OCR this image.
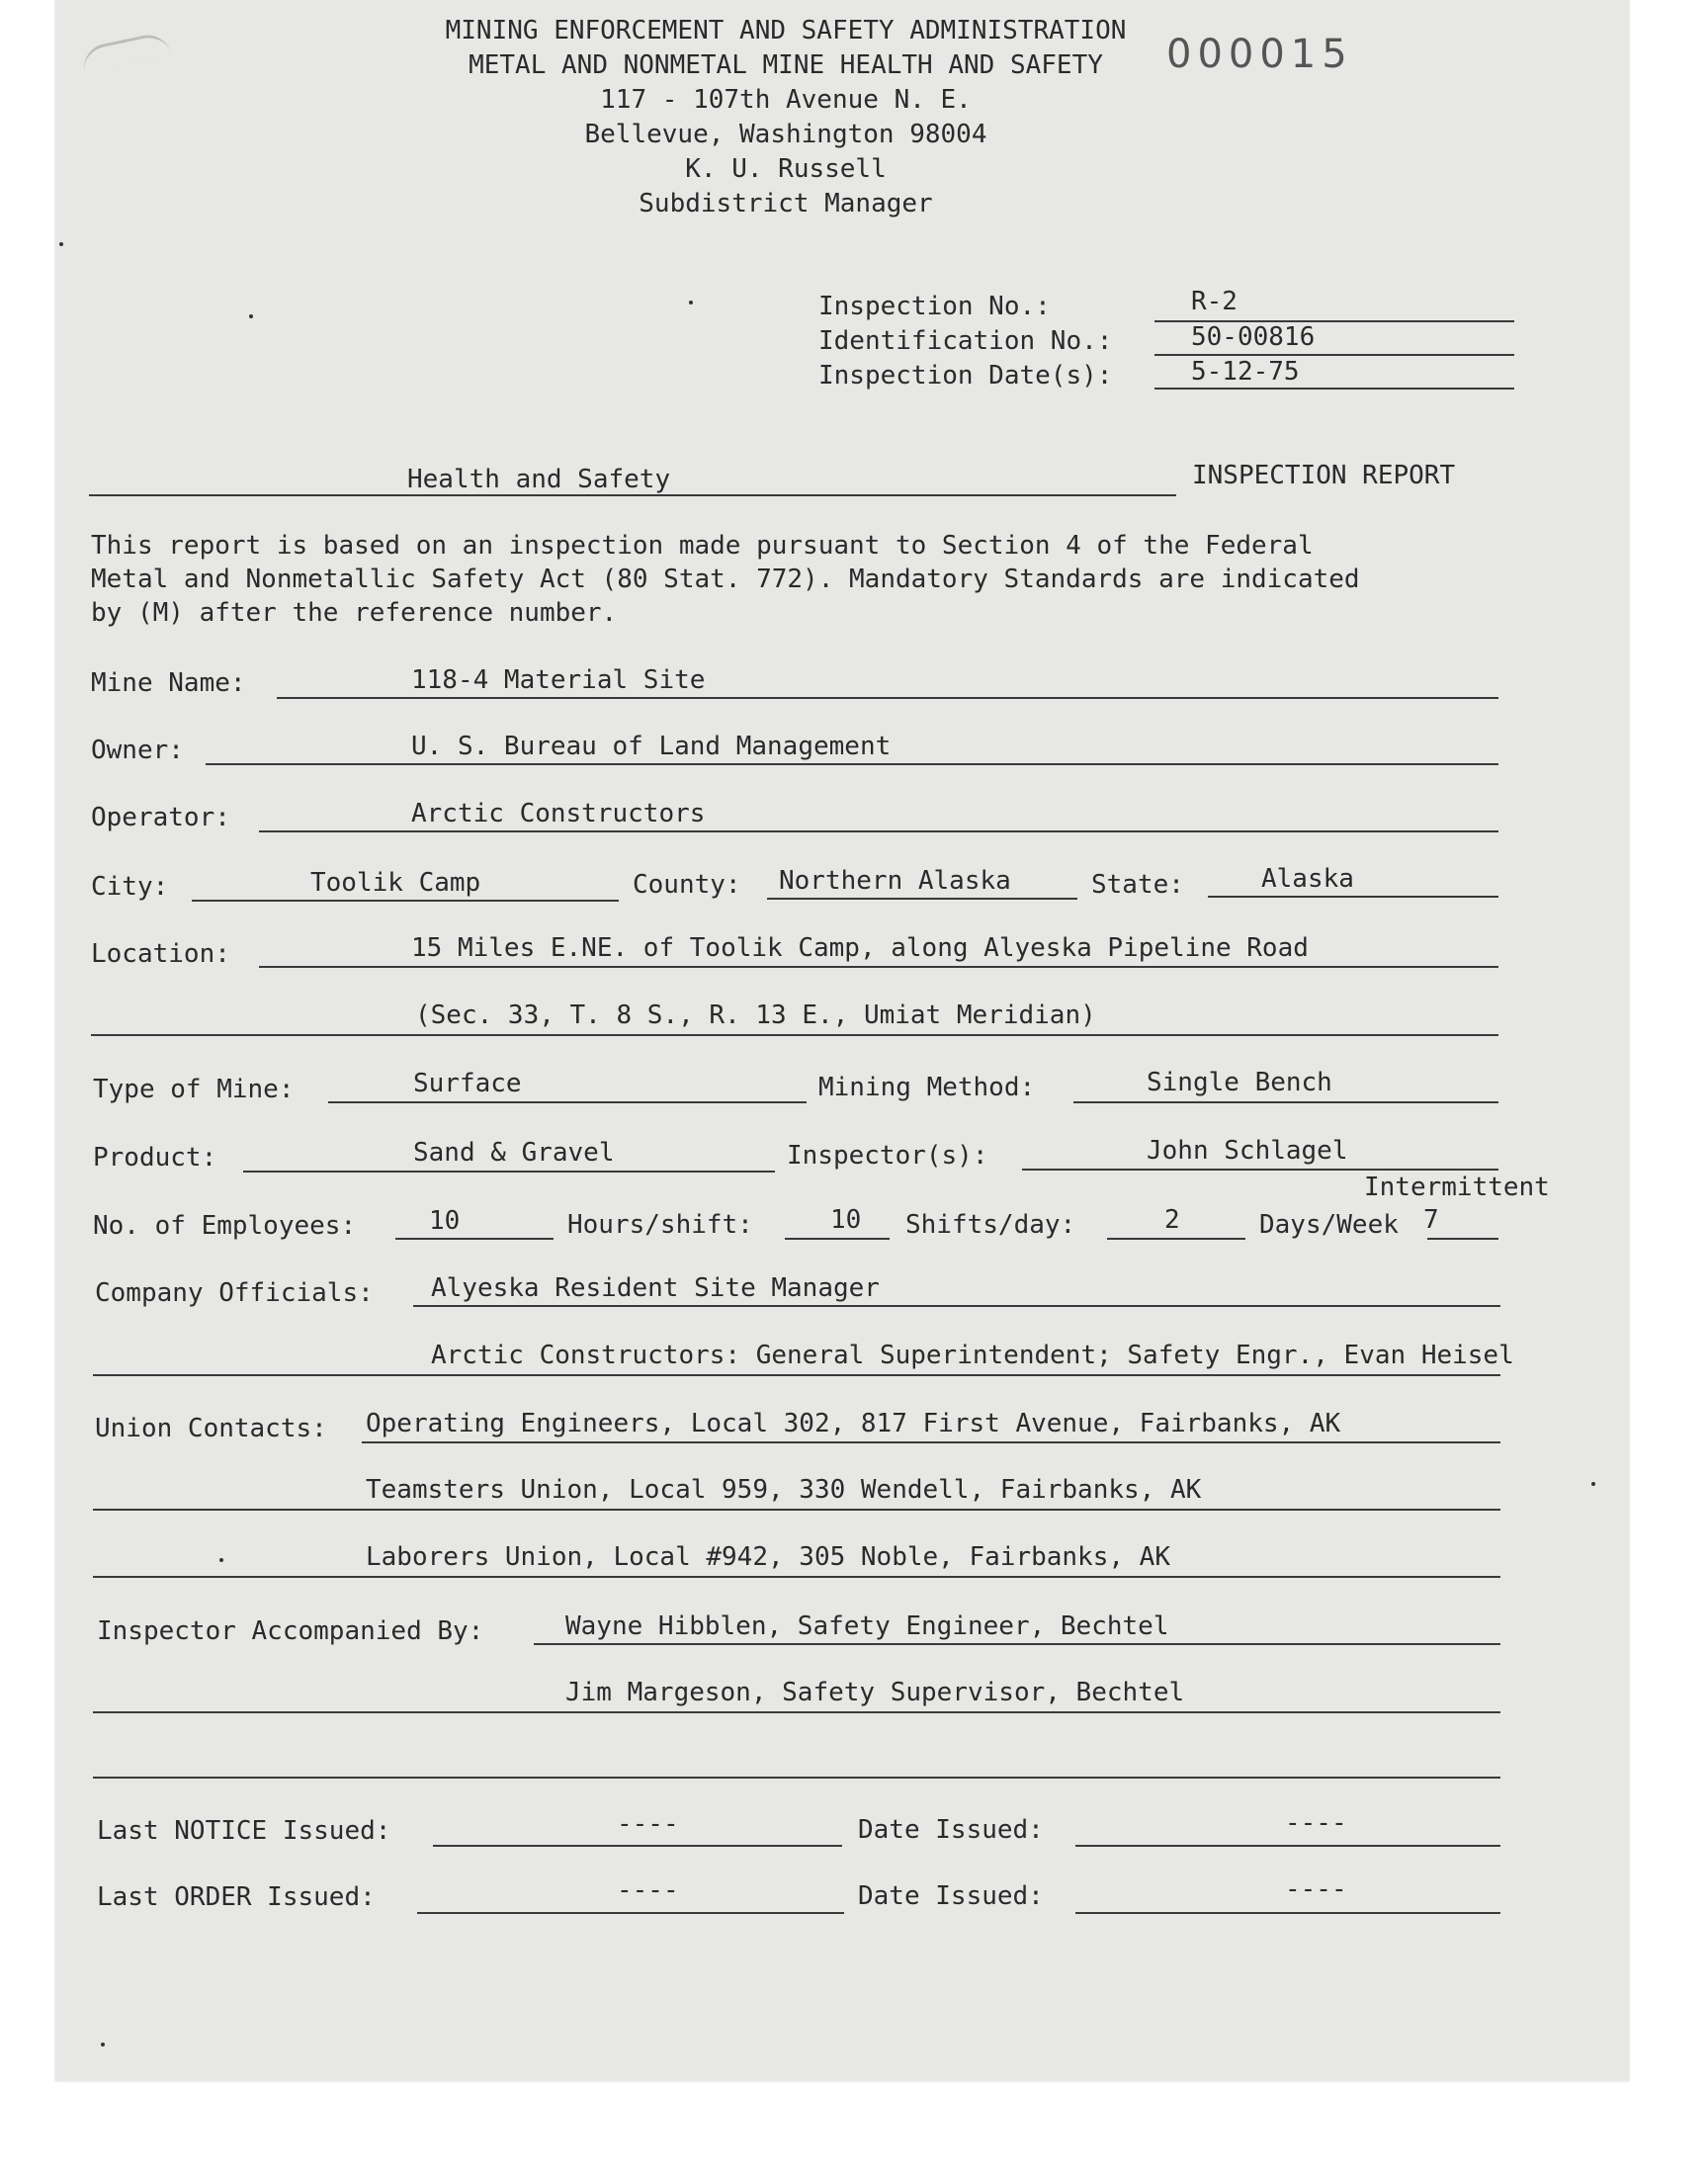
000015
MINING ENFORCEMENT AND SAFETY ADMINISTRATION
METAL AND NONMETAL MINE HEALTH AND SAFETY
117 - 107th Avenue N. E.
Bellevue, Washington 98004
K. U. Russell
Subdistrict Manager
Inspection No.:	R-2
Identification No.:	50-00816
Inspection Date(s):	5-12-75
Health and Safety	INSPECTION REPORT
This report is based on an inspection made pursuant to Section 4 of the Federal
Metal and Nonmetallic Safety Act (80 Stat. 772). Mandatory Standards are indicated
by (M) after the reference number.
Mine Name:	118-4 Material Site
Owner:	U. S. Bureau of Land Management
Operator:	Arctic Constructors
City:	Toolik Camp	County: Northern Alaska	State:	Alaska
Location:	15 Miles E.NE. of Toolik Camp, along Alyeska Pipeline Road
(Sec. 33, T. 8 S., R. 13 E., Umiat Meridian)
Type of Mine:	Surface	Mining Method:	Single Bench
Product:	Sand & Gravel	Inspector(s):	John Schlagel
Intermittent
No. of Employees:	10	Hours/shift:	10 Shifts/day:	2	Days/Week 7
Company Officials: Alyeska Resident Site Manager
Arctic Constructors: General Superintendent; Safety Engr., Evan Heisel
Union Contacts: Operating Engineers, Local 302, 817 First Avenue, Fairbanks, AK
Teamsters Union, Local 959, 330 Wendell, Fairbanks, AK
Laborers Union, Local #942, 305 Noble, Fairbanks, AK
Inspector Accompanied By:	Wayne Hibblen, Safety Engineer, Bechtel
Jim Margeson, Safety Supervisor, Bechtel
Last NOTICE Issued:	----	Date Issued:	----
Last ORDER Issued:	----	Date Issued:	----
